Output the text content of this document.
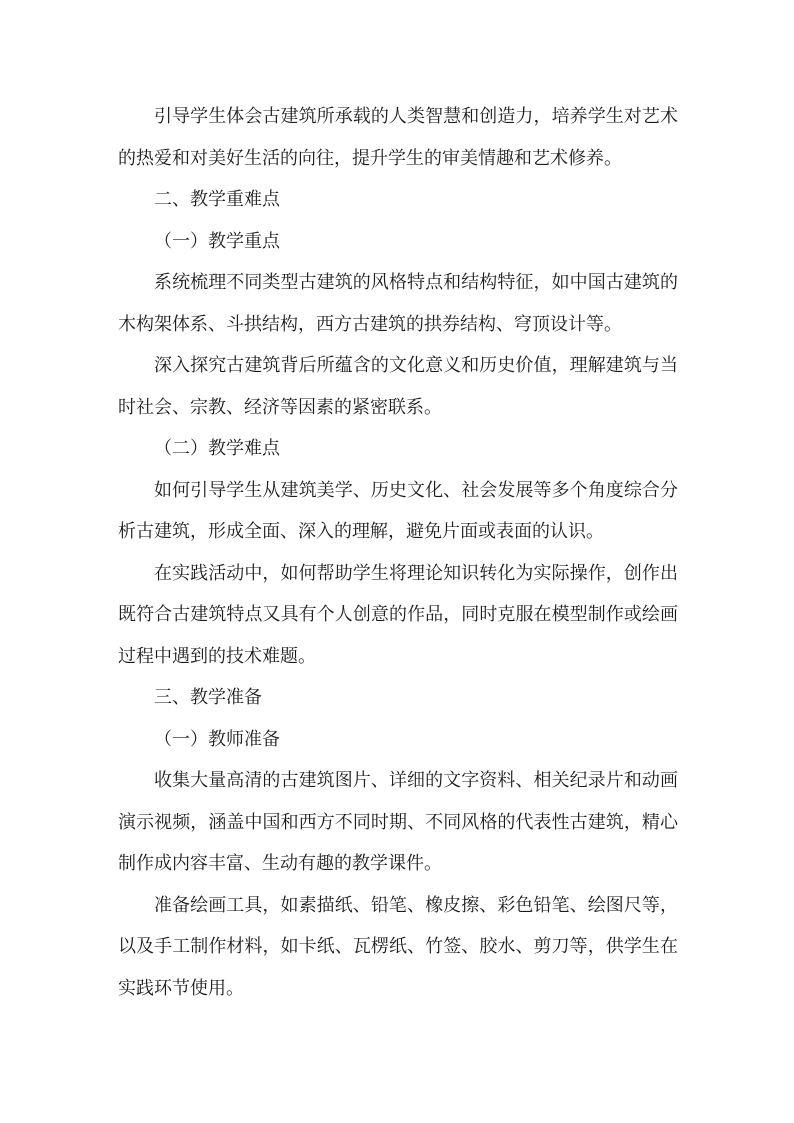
引导学生体会古建筑所承载的人类智慧和创造力，培养学生对艺术的热爱和对美好生活的向往，提升学生的审美情趣和艺术修养。

二、教学重难点

（一）教学重点

系统梳理不同类型古建筑的风格特点和结构特征，如中国古建筑的木构架体系、斗拱结构，西方古建筑的拱券结构、穹顶设计等。

深入探究古建筑背后所蕴含的文化意义和历史价值，理解建筑与当时社会、宗教、经济等因素的紧密联系。

（二）教学难点

如何引导学生从建筑美学、历史文化、社会发展等多个角度综合分析古建筑，形成全面、深入的理解，避免片面或表面的认识。

在实践活动中，如何帮助学生将理论知识转化为实际操作，创作出既符合古建筑特点又具有个人创意的作品，同时克服在模型制作或绘画过程中遇到的技术难题。

三、教学准备

（一）教师准备

收集大量高清的古建筑图片、详细的文字资料、相关纪录片和动画演示视频，涵盖中国和西方不同时期、不同风格的代表性古建筑，精心制作成内容丰富、生动有趣的教学课件。

准备绘画工具，如素描纸、铅笔、橡皮擦、彩色铅笔、绘图尺等，以及手工制作材料，如卡纸、瓦楞纸、竹签、胶水、剪刀等，供学生在实践环节使用。
